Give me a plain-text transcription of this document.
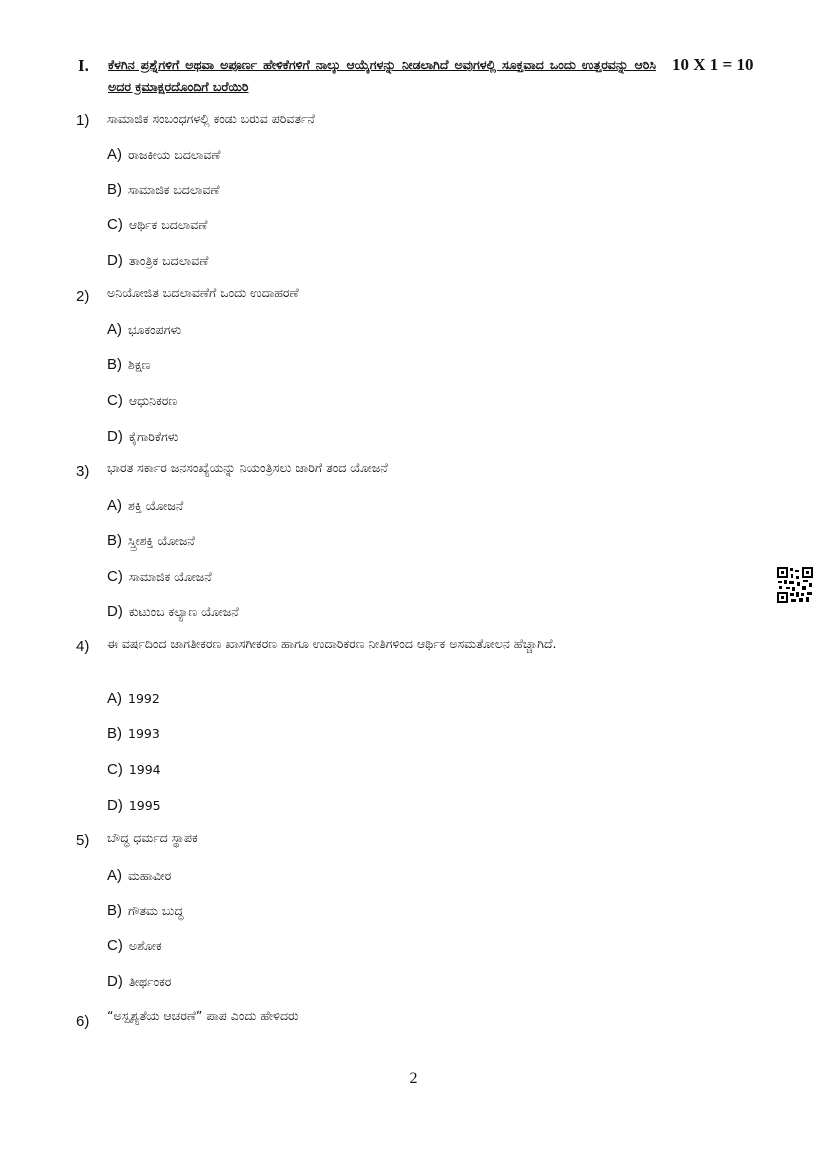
I. ಕೆಳಗಿನ ಪ್ರಶ್ನೆಗಳಿಗೆ ಅಥವಾ ಅಪೂರ್ಣ ಹೇಳಿಕೆಗಳಿಗೆ ನಾಲ್ಕು ಆಯ್ಕೆಗಳನ್ನು ನೀಡಲಾಗಿದೆ ಅವುಗಳಲ್ಲಿ ಸೂಕ್ತವಾದ ಒಂದು ಉತ್ತರವನ್ನು ಆರಿಸಿ ಅದರ ಕ್ರಮಾಕ್ಷರದೊಂದಿಗೆ ಬರೆಯಿರಿ
10 X 1 = 10
1)	ಸಾಮಾಜಿಕ ಸಂಬಂಧಗಳಲ್ಲಿ ಕಂಡು ಬರುವ ಪರಿವರ್ತನೆ
A) ರಾಜಕೀಯ ಬದಲಾವಣೆ
B) ಸಾಮಾಜಿಕ ಬದಲಾವಣೆ
C) ಆರ್ಥಿಕ ಬದಲಾವಣೆ
D) ತಾಂತ್ರಿಕ ಬದಲಾವಣೆ
2)	ಅನಿಯೋಜಿತ ಬದಲಾವಣೆಗೆ ಒಂದು ಉದಾಹರಣೆ
A) ಭೂಕಂಪಗಳು
B) ಶಿಕ್ಷಣ
C) ಆಧುನಿಕರಣ
D) ಕೈಗಾರಿಕೆಗಳು
3)	ಭಾರತ ಸರ್ಕಾರ ಜನಸಂಖ್ಯೆಯನ್ನು ನಿಯಂತ್ರಿಸಲು ಜಾರಿಗೆ ತಂದ ಯೋಜನೆ
A) ಶಕ್ತಿ ಯೋಜನೆ
B) ಸ್ತ್ರೀಶಕ್ತಿ ಯೋಜನೆ
C) ಸಾಮಾಜಿಕ ಯೋಜನೆ
D) ಕುಟುಂಬ ಕಲ್ಯಾಣ ಯೋಜನೆ
4)	ಈ ವರ್ಷದಿಂದ ಜಾಗತೀಕರಣ ಖಾಸಗೀಕರಣ ಹಾಗೂ ಉದಾರಿಕರಣ ನೀತಿಗಳಿಂದ ಆರ್ಥಿಕ ಅಸಮತೋಲನ ಹೆಚ್ಚಾಗಿದೆ.
A) 1992
B) 1993
C) 1994
D) 1995
5)	ಬೌದ್ಧ ಧರ್ಮದ ಸ್ಥಾಪಕ
A) ಮಹಾವೀರ
B) ಗೌತಮ ಬುದ್ಧ
C) ಅಶೋಕ
D) ತೀರ್ಥಂಕರ
6)	“ಅಸ್ಪೃಶ್ಯತೆಯ ಆಚರಣೆ” ಪಾಪ ಎಂದು ಹೇಳಿದರು
2
